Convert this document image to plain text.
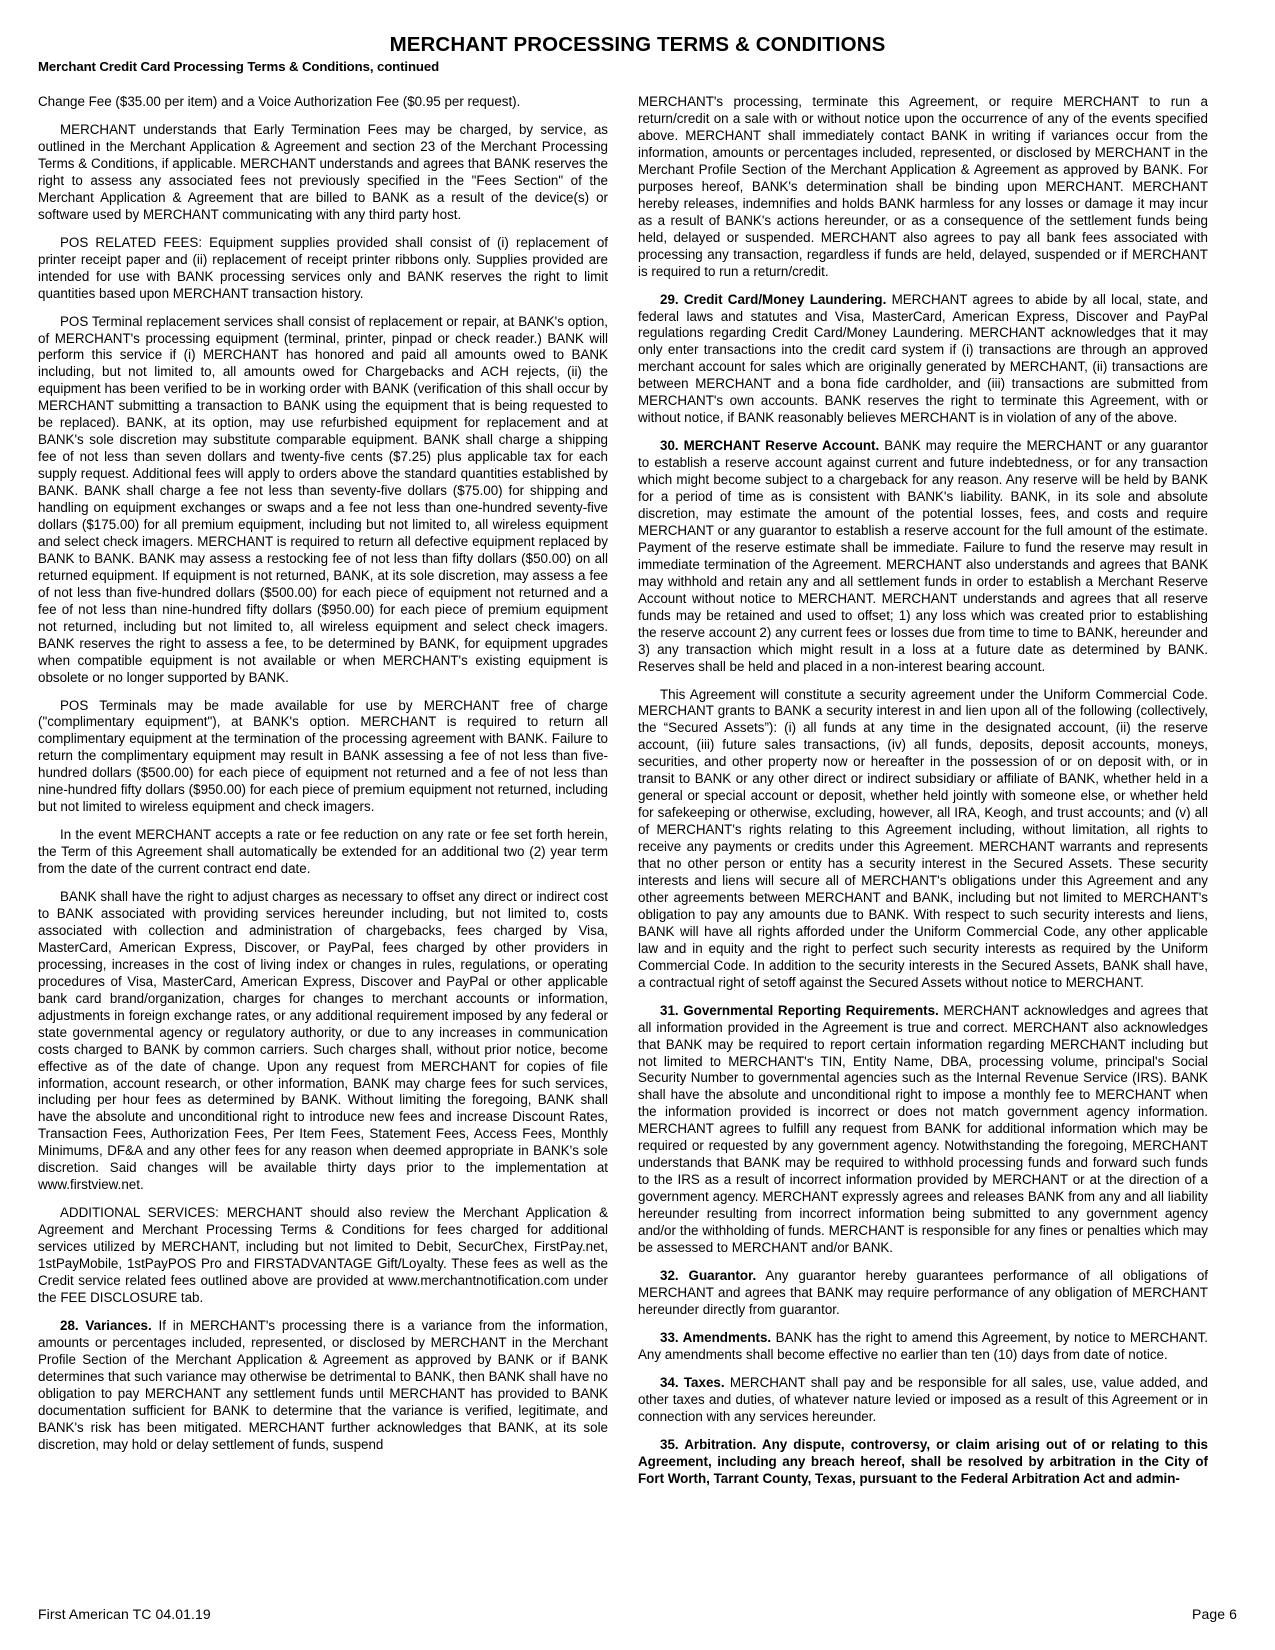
MERCHANT PROCESSING TERMS & CONDITIONS
Merchant Credit Card Processing Terms & Conditions, continued

Change Fee ($35.00 per item) and a Voice Authorization Fee ($0.95 per request).

MERCHANT understands that Early Termination Fees may be charged, by service, as outlined in the Merchant Application & Agreement and section 23 of the Merchant Processing Terms & Conditions, if applicable. MERCHANT understands and agrees that BANK reserves the right to assess any associated fees not previously specified in the "Fees Section" of the Merchant Application & Agreement that are billed to BANK as a result of the device(s) or software used by MERCHANT communicating with any third party host.

POS RELATED FEES: Equipment supplies provided shall consist of (i) replacement of printer receipt paper and (ii) replacement of receipt printer ribbons only. Supplies provided are intended for use with BANK processing services only and BANK reserves the right to limit quantities based upon MERCHANT transaction history.

POS Terminal replacement services shall consist of replacement or repair, at BANK's option, of MERCHANT's processing equipment (terminal, printer, pinpad or check reader.) BANK will perform this service if (i) MERCHANT has honored and paid all amounts owed to BANK including, but not limited to, all amounts owed for Chargebacks and ACH rejects, (ii) the equipment has been verified to be in working order with BANK (verification of this shall occur by MERCHANT submitting a transaction to BANK using the equipment that is being requested to be replaced). BANK, at its option, may use refurbished equipment for replacement and at BANK's sole discretion may substitute comparable equipment. BANK shall charge a shipping fee of not less than seven dollars and twenty-five cents ($7.25) plus applicable tax for each supply request. Additional fees will apply to orders above the standard quantities established by BANK. BANK shall charge a fee not less than seventy-five dollars ($75.00) for shipping and handling on equipment exchanges or swaps and a fee not less than one-hundred seventy-five dollars ($175.00) for all premium equipment, including but not limited to, all wireless equipment and select check imagers. MERCHANT is required to return all defective equipment replaced by BANK to BANK. BANK may assess a restocking fee of not less than fifty dollars ($50.00) on all returned equipment. If equipment is not returned, BANK, at its sole discretion, may assess a fee of not less than five-hundred dollars ($500.00) for each piece of equipment not returned and a fee of not less than nine-hundred fifty dollars ($950.00) for each piece of premium equipment not returned, including but not limited to, all wireless equipment and select check imagers. BANK reserves the right to assess a fee, to be determined by BANK, for equipment upgrades when compatible equipment is not available or when MERCHANT's existing equipment is obsolete or no longer supported by BANK.

POS Terminals may be made available for use by MERCHANT free of charge ("complimentary equipment"), at BANK's option. MERCHANT is required to return all complimentary equipment at the termination of the processing agreement with BANK. Failure to return the complimentary equipment may result in BANK assessing a fee of not less than five-hundred dollars ($500.00) for each piece of equipment not returned and a fee of not less than nine-hundred fifty dollars ($950.00) for each piece of premium equipment not returned, including but not limited to wireless equipment and check imagers.

In the event MERCHANT accepts a rate or fee reduction on any rate or fee set forth herein, the Term of this Agreement shall automatically be extended for an additional two (2) year term from the date of the current contract end date.

BANK shall have the right to adjust charges as necessary to offset any direct or indirect cost to BANK associated with providing services hereunder including, but not limited to, costs associated with collection and administration of chargebacks, fees charged by Visa, MasterCard, American Express, Discover, or PayPal, fees charged by other providers in processing, increases in the cost of living index or changes in rules, regulations, or operating procedures of Visa, MasterCard, American Express, Discover and PayPal or other applicable bank card brand/organization, charges for changes to merchant accounts or information, adjustments in foreign exchange rates, or any additional requirement imposed by any federal or state governmental agency or regulatory authority, or due to any increases in communication costs charged to BANK by common carriers. Such charges shall, without prior notice, become effective as of the date of change. Upon any request from MERCHANT for copies of file information, account research, or other information, BANK may charge fees for such services, including per hour fees as determined by BANK. Without limiting the foregoing, BANK shall have the absolute and unconditional right to introduce new fees and increase Discount Rates, Transaction Fees, Authorization Fees, Per Item Fees, Statement Fees, Access Fees, Monthly Minimums, DF&A and any other fees for any reason when deemed appropriate in BANK's sole discretion. Said changes will be available thirty days prior to the implementation at www.firstview.net.

ADDITIONAL SERVICES: MERCHANT should also review the Merchant Application & Agreement and Merchant Processing Terms & Conditions for fees charged for additional services utilized by MERCHANT, including but not limited to Debit, SecurChex, FirstPay.net, 1stPayMobile, 1stPayPOS Pro and FIRSTADVANTAGE Gift/Loyalty. These fees as well as the Credit service related fees outlined above are provided at www.merchantnotification.com under the FEE DISCLOSURE tab.

28. Variances. If in MERCHANT's processing there is a variance from the information, amounts or percentages included, represented, or disclosed by MERCHANT in the Merchant Profile Section of the Merchant Application & Agreement as approved by BANK or if BANK determines that such variance may otherwise be detrimental to BANK, then BANK shall have no obligation to pay MERCHANT any settlement funds until MERCHANT has provided to BANK documentation sufficient for BANK to determine that the variance is verified, legitimate, and BANK's risk has been mitigated. MERCHANT further acknowledges that BANK, at its sole discretion, may hold or delay settlement of funds, suspend

MERCHANT's processing, terminate this Agreement, or require MERCHANT to run a return/credit on a sale with or without notice upon the occurrence of any of the events specified above. MERCHANT shall immediately contact BANK in writing if variances occur from the information, amounts or percentages included, represented, or disclosed by MERCHANT in the Merchant Profile Section of the Merchant Application & Agreement as approved by BANK. For purposes hereof, BANK's determination shall be binding upon MERCHANT. MERCHANT hereby releases, indemnifies and holds BANK harmless for any losses or damage it may incur as a result of BANK's actions hereunder, or as a consequence of the settlement funds being held, delayed or suspended. MERCHANT also agrees to pay all bank fees associated with processing any transaction, regardless if funds are held, delayed, suspended or if MERCHANT is required to run a return/credit.

29. Credit Card/Money Laundering. MERCHANT agrees to abide by all local, state, and federal laws and statutes and Visa, MasterCard, American Express, Discover and PayPal regulations regarding Credit Card/Money Laundering. MERCHANT acknowledges that it may only enter transactions into the credit card system if (i) transactions are through an approved merchant account for sales which are originally generated by MERCHANT, (ii) transactions are between MERCHANT and a bona fide cardholder, and (iii) transactions are submitted from MERCHANT's own accounts. BANK reserves the right to terminate this Agreement, with or without notice, if BANK reasonably believes MERCHANT is in violation of any of the above.

30. MERCHANT Reserve Account. BANK may require the MERCHANT or any guarantor to establish a reserve account against current and future indebtedness, or for any transaction which might become subject to a chargeback for any reason. Any reserve will be held by BANK for a period of time as is consistent with BANK's liability. BANK, in its sole and absolute discretion, may estimate the amount of the potential losses, fees, and costs and require MERCHANT or any guarantor to establish a reserve account for the full amount of the estimate. Payment of the reserve estimate shall be immediate. Failure to fund the reserve may result in immediate termination of the Agreement. MERCHANT also understands and agrees that BANK may withhold and retain any and all settlement funds in order to establish a Merchant Reserve Account without notice to MERCHANT. MERCHANT understands and agrees that all reserve funds may be retained and used to offset; 1) any loss which was created prior to establishing the reserve account 2) any current fees or losses due from time to time to BANK, hereunder and 3) any transaction which might result in a loss at a future date as determined by BANK. Reserves shall be held and placed in a non-interest bearing account.

This Agreement will constitute a security agreement under the Uniform Commercial Code. MERCHANT grants to BANK a security interest in and lien upon all of the following (collectively, the “Secured Assets”): (i) all funds at any time in the designated account, (ii) the reserve account, (iii) future sales transactions, (iv) all funds, deposits, deposit accounts, moneys, securities, and other property now or hereafter in the possession of or on deposit with, or in transit to BANK or any other direct or indirect subsidiary or affiliate of BANK, whether held in a general or special account or deposit, whether held jointly with someone else, or whether held for safekeeping or otherwise, excluding, however, all IRA, Keogh, and trust accounts; and (v) all of MERCHANT's rights relating to this Agreement including, without limitation, all rights to receive any payments or credits under this Agreement. MERCHANT warrants and represents that no other person or entity has a security interest in the Secured Assets. These security interests and liens will secure all of MERCHANT's obligations under this Agreement and any other agreements between MERCHANT and BANK, including but not limited to MERCHANT's obligation to pay any amounts due to BANK. With respect to such security interests and liens, BANK will have all rights afforded under the Uniform Commercial Code, any other applicable law and in equity and the right to perfect such security interests as required by the Uniform Commercial Code. In addition to the security interests in the Secured Assets, BANK shall have, a contractual right of setoff against the Secured Assets without notice to MERCHANT.

31. Governmental Reporting Requirements. MERCHANT acknowledges and agrees that all information provided in the Agreement is true and correct. MERCHANT also acknowledges that BANK may be required to report certain information regarding MERCHANT including but not limited to MERCHANT's TIN, Entity Name, DBA, processing volume, principal's Social Security Number to governmental agencies such as the Internal Revenue Service (IRS). BANK shall have the absolute and unconditional right to impose a monthly fee to MERCHANT when the information provided is incorrect or does not match government agency information. MERCHANT agrees to fulfill any request from BANK for additional information which may be required or requested by any government agency. Notwithstanding the foregoing, MERCHANT understands that BANK may be required to withhold processing funds and forward such funds to the IRS as a result of incorrect information provided by MERCHANT or at the direction of a government agency. MERCHANT expressly agrees and releases BANK from any and all liability hereunder resulting from incorrect information being submitted to any government agency and/or the withholding of funds. MERCHANT is responsible for any fines or penalties which may be assessed to MERCHANT and/or BANK.

32. Guarantor. Any guarantor hereby guarantees performance of all obligations of MERCHANT and agrees that BANK may require performance of any obligation of MERCHANT hereunder directly from guarantor.

33. Amendments. BANK has the right to amend this Agreement, by notice to MERCHANT. Any amendments shall become effective no earlier than ten (10) days from date of notice.

34. Taxes. MERCHANT shall pay and be responsible for all sales, use, value added, and other taxes and duties, of whatever nature levied or imposed as a result of this Agreement or in connection with any services hereunder.

35. Arbitration. Any dispute, controversy, or claim arising out of or relating to this Agreement, including any breach hereof, shall be resolved by arbitration in the City of Fort Worth, Tarrant County, Texas, pursuant to the Federal Arbitration Act and admin-

First American TC 04.01.19	Page 6
